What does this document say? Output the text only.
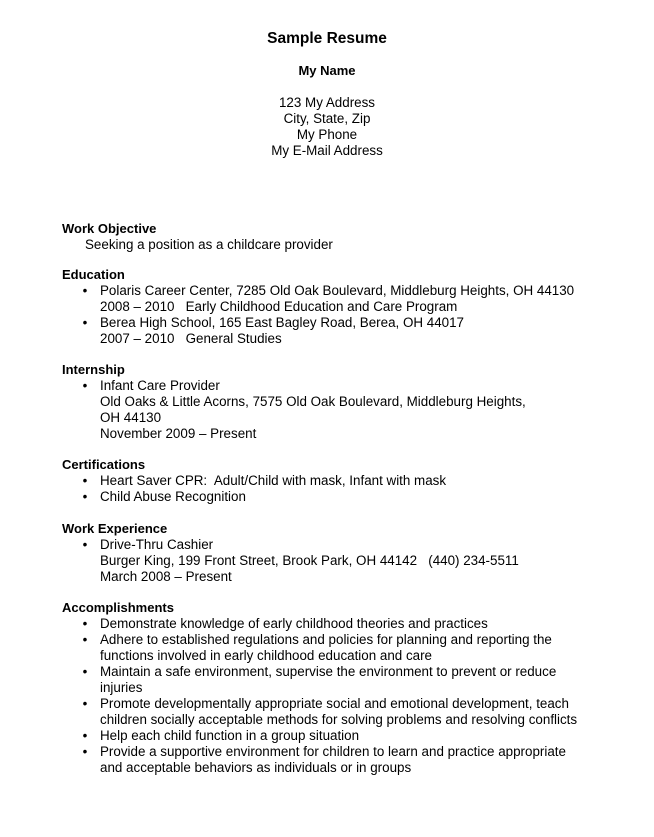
Sample Resume
My Name
123 My Address
City, State, Zip
My Phone
My E-Mail Address
Work Objective

Seeking a position as a childcare provider

Education
• Polaris Career Center, 7285 Old Oak Boulevard, Middleburg Heights, OH 44130
2008 – 2010   Early Childhood Education and Care Program
• Berea High School, 165 East Bagley Road, Berea, OH 44017
2007 – 2010   General Studies
Internship
• Infant Care Provider
Old Oaks & Little Acorns, 7575 Old Oak Boulevard, Middleburg Heights,
OH 44130
November 2009 – Present
Certifications
• Heart Saver CPR:  Adult/Child with mask, Infant with mask
• Child Abuse Recognition
Work Experience
• Drive-Thru Cashier
Burger King, 199 Front Street, Brook Park, OH 44142   (440) 234-5511
March 2008 – Present
Accomplishments
• Demonstrate knowledge of early childhood theories and practices
• Adhere to established regulations and policies for planning and reporting the
functions involved in early childhood education and care
• Maintain a safe environment, supervise the environment to prevent or reduce
injuries
• Promote developmentally appropriate social and emotional development, teach
children socially acceptable methods for solving problems and resolving conflicts
• Help each child function in a group situation
• Provide a supportive environment for children to learn and practice appropriate
and acceptable behaviors as individuals or in groups
